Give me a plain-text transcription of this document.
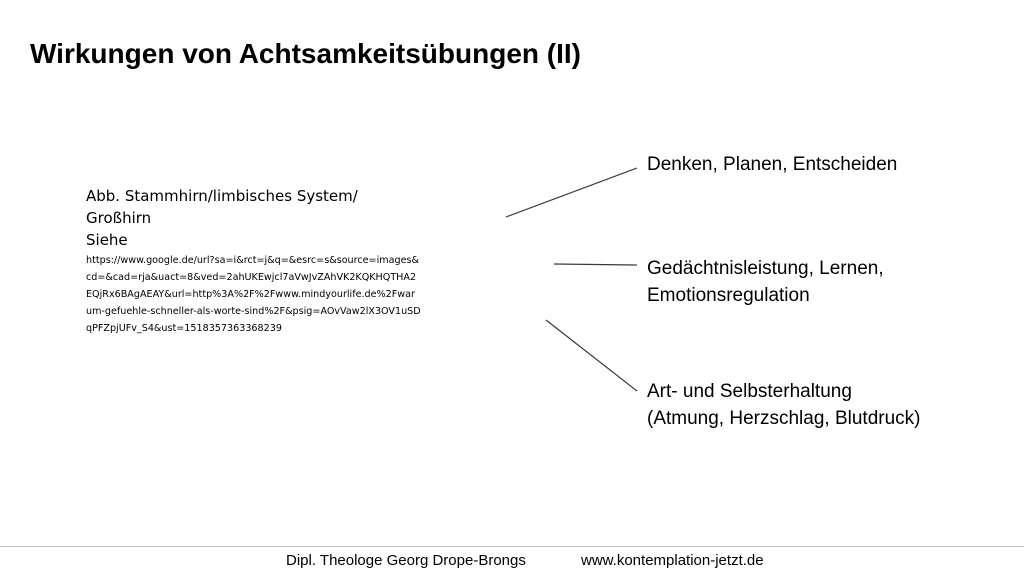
Wirkungen von Achtsamkeitsübungen (II)
Abb. Stammhirn/limbisches System/
Großhirn
Siehe
https://www.google.de/url?sa=i&rct=j&q=&esrc=s&source=images&cd=&cad=rja&uact=8&ved=2ahUKEwjcl7aVwJvZAhVK2KQKHQTHA2EQjRx6BAgAEAY&url=http%3A%2F%2Fwww.mindyourlife.de%2Fwarum-gefuehle-schneller-als-worte-sind%2F&psig=AOvVaw2lX3OV1uSDqPFZpjUFv_S4&ust=1518357363368239
Denken, Planen, Entscheiden
Gedächtnisleistung, Lernen,
Emotionsregulation
Art- und Selbsterhaltung
(Atmung, Herzschlag, Blutdruck)
Dipl. Theologe Georg Drope-Brongs	www.kontemplation-jetzt.de
